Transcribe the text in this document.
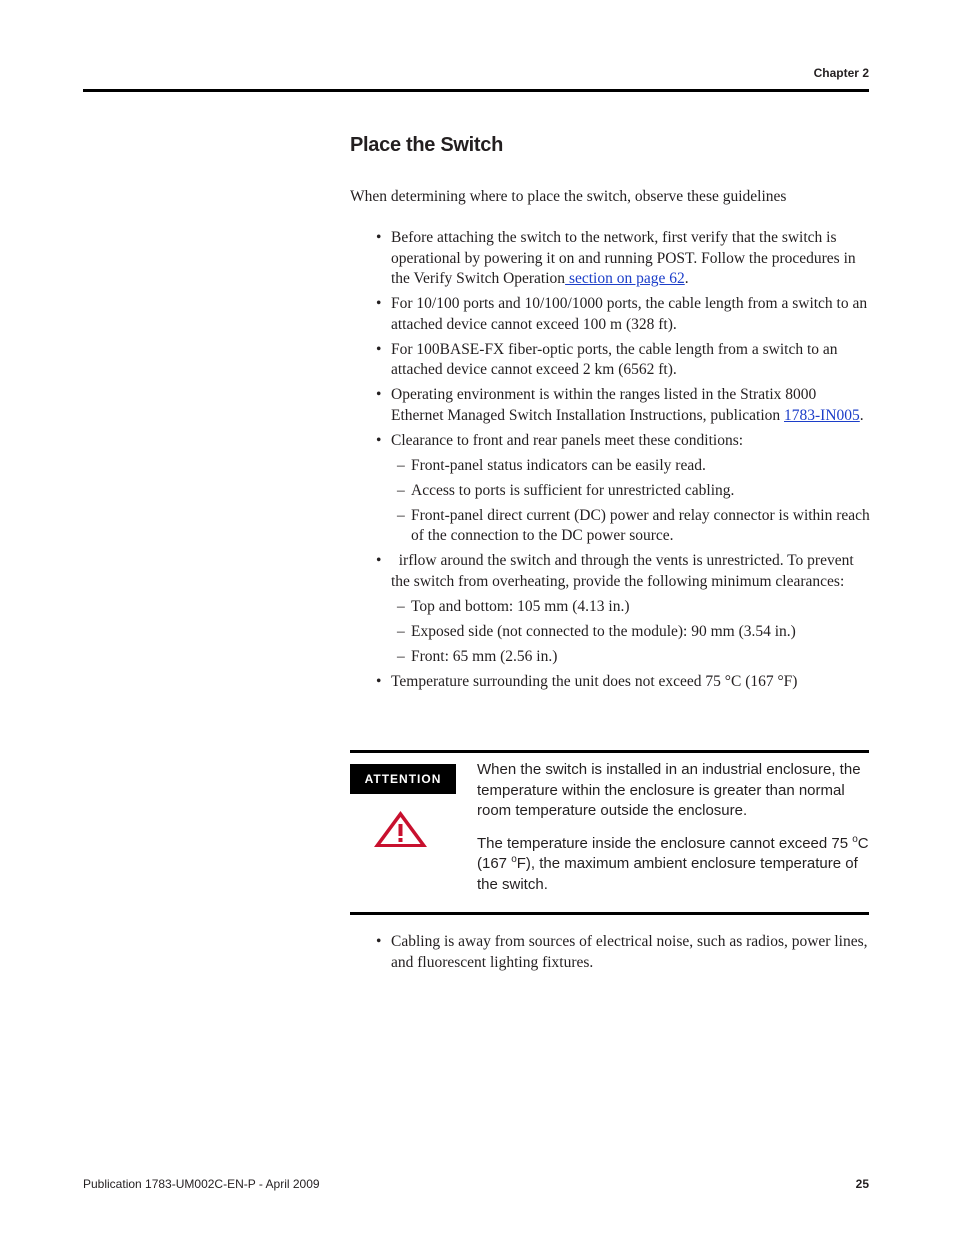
Chapter 2
Place the Switch
When determining where to place the switch, observe these guidelines
• Before attaching the switch to the network, first verify that the switch is operational by powering it on and running POST. Follow the procedures in the Verify Switch Operation section on page 62.
• For 10/100 ports and 10/100/1000 ports, the cable length from a switch to an attached device cannot exceed 100 m (328 ft).
• For 100BASE-FX fiber-optic ports, the cable length from a switch to an attached device cannot exceed 2 km (6562 ft).
• Operating environment is within the ranges listed in the Stratix 8000 Ethernet Managed Switch Installation Instructions, publication 1783-IN005.
• Clearance to front and rear panels meet these conditions:
– Front-panel status indicators can be easily read.
– Access to ports is sufficient for unrestricted cabling.
– Front-panel direct current (DC) power and relay connector is within reach of the connection to the DC power source.
• irflow around the switch and through the vents is unrestricted. To prevent the switch from overheating, provide the following minimum clearances:
– Top and bottom: 105 mm (4.13 in.)
– Exposed side (not connected to the module): 90 mm (3.54 in.)
– Front: 65 mm (2.56 in.)
• Temperature surrounding the unit does not exceed 75 °C (167 °F)
ATTENTION

When the switch is installed in an industrial enclosure, the temperature within the enclosure is greater than normal room temperature outside the enclosure.

The temperature inside the enclosure cannot exceed 75 $^o$C (167 $^o$F), the maximum ambient enclosure temperature of the switch.

• Cabling is away from sources of electrical noise, such as radios, power lines, and fluorescent lighting fixtures.
Publication 1783-UM002C-EN-P - April 2009	25
